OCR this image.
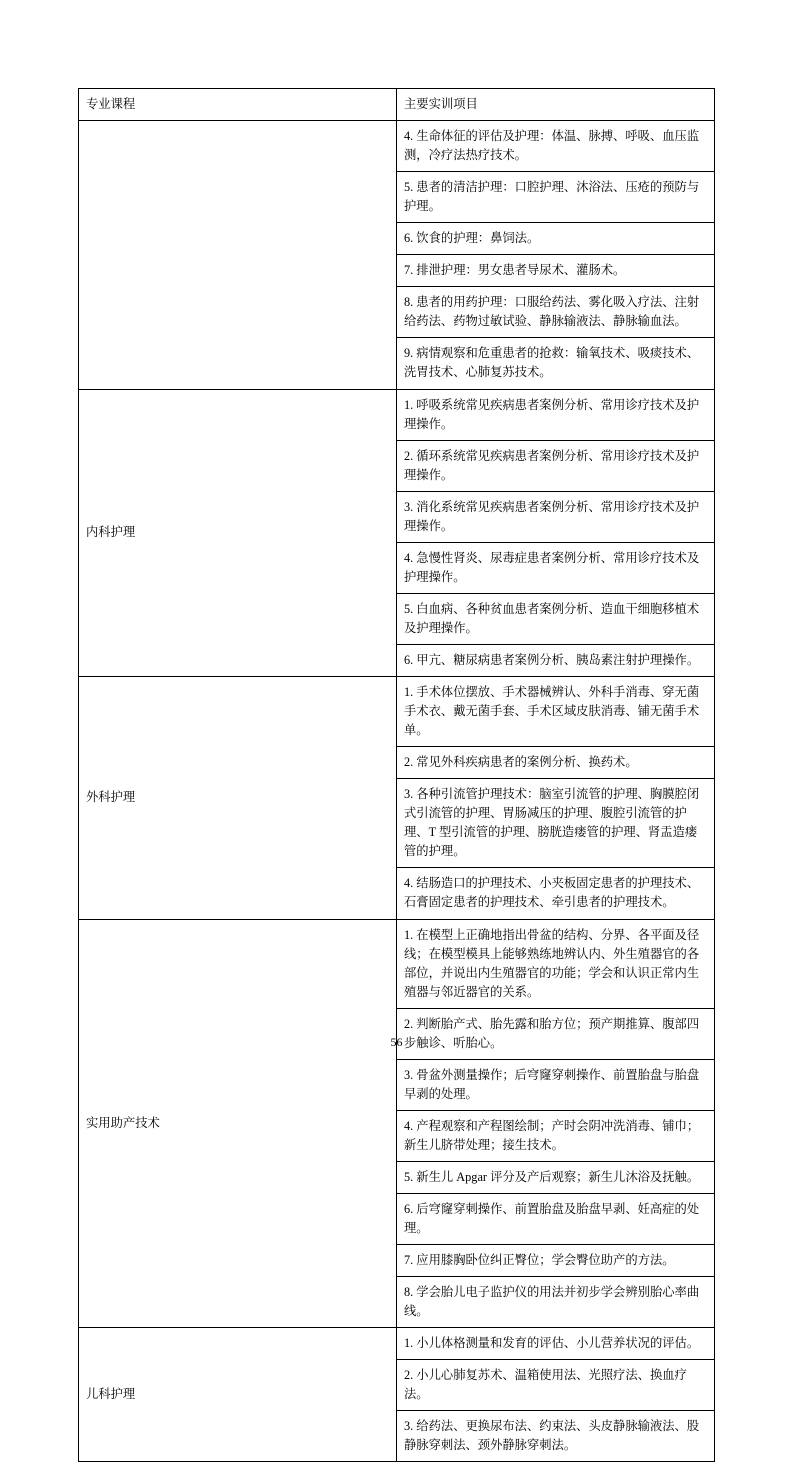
专业课程	主要实训项目
	4. 生命体征的评估及护理：体温、脉搏、呼吸、血压监测，冷疗法热疗技术。
	5. 患者的清洁护理：口腔护理、沐浴法、压疮的预防与护理。
	6. 饮食的护理：鼻饲法。
	7. 排泄护理：男女患者导尿术、灌肠术。
	8. 患者的用药护理：口服给药法、雾化吸入疗法、注射给药法、药物过敏试验、静脉输液法、静脉输血法。
	9. 病情观察和危重患者的抢救：输氧技术、吸痰技术、洗胃技术、心肺复苏技术。
内科护理	1. 呼吸系统常见疾病患者案例分析、常用诊疗技术及护理操作。
	2. 循环系统常见疾病患者案例分析、常用诊疗技术及护理操作。
	3. 消化系统常见疾病患者案例分析、常用诊疗技术及护理操作。
	4. 急慢性肾炎、尿毒症患者案例分析、常用诊疗技术及护理操作。
	5. 白血病、各种贫血患者案例分析、造血干细胞移植术及护理操作。
	6. 甲亢、糖尿病患者案例分析、胰岛素注射护理操作。
外科护理	1. 手术体位摆放、手术器械辨认、外科手消毒、穿无菌手术衣、戴无菌手套、手术区域皮肤消毒、铺无菌手术单。
	2. 常见外科疾病患者的案例分析、换药术。
	3. 各种引流管护理技术：脑室引流管的护理、胸膜腔闭式引流管的护理、胃肠减压的护理、腹腔引流管的护理、T 型引流管的护理、膀胱造瘘管的护理、肾盂造瘘管的护理。
	4. 结肠造口的护理技术、小夹板固定患者的护理技术、石膏固定患者的护理技术、牵引患者的护理技术。
实用助产技术	1. 在模型上正确地指出骨盆的结构、分界、各平面及径线；在模型模具上能够熟练地辨认内、外生殖器官的各部位，并说出内生殖器官的功能；学会和认识正常内生殖器与邻近器官的关系。
	2. 判断胎产式、胎先露和胎方位；预产期推算、腹部四步触诊、听胎心。
	3. 骨盆外测量操作；后穹窿穿刺操作、前置胎盘与胎盘早剥的处理。
	4. 产程观察和产程图绘制；产时会阴冲洗消毒、铺巾；新生儿脐带处理；接生技术。
	5. 新生儿 Apgar 评分及产后观察；新生儿沐浴及抚触。
	6. 后穹窿穿刺操作、前置胎盘及胎盘早剥、妊高症的处理。
	7. 应用膝胸卧位纠正臀位；学会臀位助产的方法。
	8. 学会胎儿电子监护仪的用法并初步学会辨别胎心率曲线。
儿科护理	1. 小儿体格测量和发育的评估、小儿营养状况的评估。
	2. 小儿心肺复苏术、温箱使用法、光照疗法、换血疗法。
	3. 给药法、更换尿布法、约束法、头皮静脉输液法、股静脉穿刺法、颈外静脉穿刺法。
56
